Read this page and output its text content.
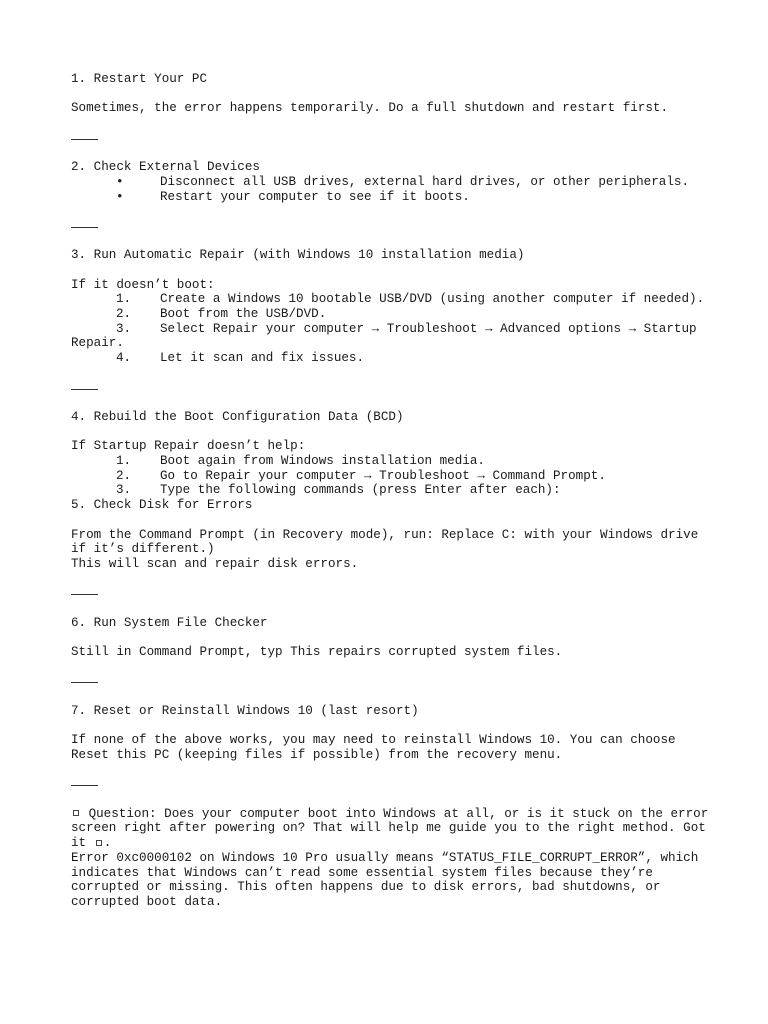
1. Restart Your PC
Sometimes, the error happens temporarily. Do a full shutdown and restart first.
2. Check External Devices
•	Disconnect all USB drives, external hard drives, or other peripherals.
•	Restart your computer to see if it boots.
3. Run Automatic Repair (with Windows 10 installation media)
If it doesn’t boot:
1. Create a Windows 10 bootable USB/DVD (using another computer if needed).
2. Boot from the USB/DVD.
3. Select Repair your computer → Troubleshoot → Advanced options → Startup Repair.
4. Let it scan and fix issues.
4. Rebuild the Boot Configuration Data (BCD)
If Startup Repair doesn’t help:
1. Boot again from Windows installation media.
2. Go to Repair your computer → Troubleshoot → Command Prompt.
3. Type the following commands (press Enter after each):
5. Check Disk for Errors
From the Command Prompt (in Recovery mode), run: Replace C: with your Windows drive if it’s different.)
This will scan and repair disk errors.
6. Run System File Checker
Still in Command Prompt, typ This repairs corrupted system files.
7. Reset or Reinstall Windows 10 (last resort)
If none of the above works, you may need to reinstall Windows 10. You can choose Reset this PC (keeping files if possible) from the recovery menu.
Question: Does your computer boot into Windows at all, or is it stuck on the error screen right after powering on? That will help me guide you to the right method. Got it .
Error 0xc0000102 on Windows 10 Pro usually means “STATUS_FILE_CORRUPT_ERROR”, which indicates that Windows can’t read some essential system files because they’re corrupted or missing. This often happens due to disk errors, bad shutdowns, or corrupted boot data.
